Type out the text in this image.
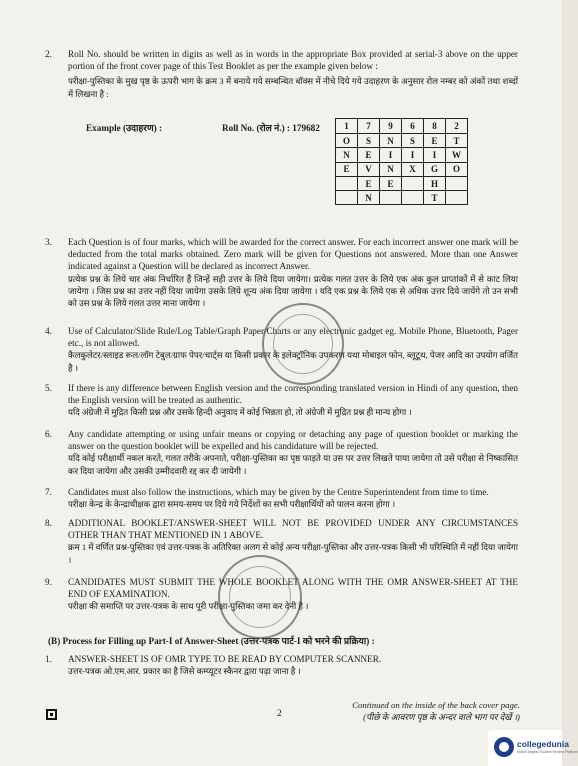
2. Roll No. should be written in digits as well as in words in the appropriate Box provided at serial-3 above on the upper portion of the front cover page of this Test Booklet as per the example given below :
परीक्षा-पुस्तिका के मुख पृष्ठ के ऊपरी भाग के क्रम 3 में बनाये गये सम्बन्धित बॉक्स में नीचे दिये गये उदाहरण के अनुसार रोल नम्बर को अंकों तथा शब्दों में लिखना है :
Example (उदाहरण) :	Roll No. (रोल नं.) : 179682	1	7	9	6	8	2
O	S	N	S	E	T
N	E	I	I	I	W
E	V	N	X	G	O
	E	E		H	
	N			T	
3. Each Question is of four marks, which will be awarded for the correct answer. For each incorrect answer one mark will be deducted from the total marks obtained. Zero mark will be given for Questions not answered. More than one Answer indicated against a Question will be declared as incorrect Answer.
प्रत्येक प्रश्न के लिये चार अंक निर्धारित हैं जिन्हें सही उत्तर के लिये दिया जायेगा। प्रत्येक गलत उत्तर के लिये एक अंक कुल प्राप्तांकों में से काट लिया जायेगा । जिस प्रश्न का उत्तर नहीं दिया जायेगा उसके लिये शून्य अंक दिया जायेगा । यदि एक प्रश्न के लिये एक से अधिक उत्तर दिये जायेंगे तो उन सभी को उस प्रश्न के लिये गलत उत्तर माना जायेगा ।
4. Use of Calculator/Slide Rule/Log Table/Graph Paper/Charts or any electronic gadget eg. Mobile Phone, Bluetooth, Pager etc., is not allowed.
कैलकुलेटर/स्लाइड रूल/लॉग टेबुल/ग्राफ पेपर/चार्ट्स या किसी प्रकार के इलेक्ट्रॉनिक उपकरण यथा मोबाइल फोन, ब्लूटूथ, पेजर आदि का उपयोग वर्जित है ।
5. If there is any difference between English version and the corresponding translated version in Hindi of any question, then the English version will be treated as authentic.
यदि अंग्रेजी में मुद्रित किसी प्रश्न और उसके हिन्दी अनुवाद में कोई भिन्नता हो, तो अंग्रेजी में मुद्रित प्रश्न ही मान्य होगा ।
6. Any candidate attempting or using unfair means or copying or detaching any page of question booklet or marking the answer on the question booklet will be expelled and his candidature will be rejected.
यदि कोई परीक्षार्थी नकल करते, गलत तरीके अपनाते, परीक्षा-पुस्तिका का पृष्ठ फाड़ते या उस पर उत्तर लिखते पाया जायेगा तो उसे परीक्षा से निष्कासित कर दिया जायेगा और उसकी उम्मीदवारी रद्द कर दी जायेगी ।
7. Candidates must also follow the instructions, which may be given by the Centre Superintendent from time to time.
परीक्षा केन्द्र के केन्द्राधीक्षक द्वारा समय-समय पर दिये गये निर्देशों का सभी परीक्षार्थियों को पालन करना होगा ।
8. ADDITIONAL BOOKLET/ANSWER-SHEET WILL NOT BE PROVIDED UNDER ANY CIRCUMSTANCES OTHER THAN THAT MENTIONED IN 1 ABOVE.
क्रम 1 में वर्णित प्रश्न-पुस्तिका एवं उत्तर-पत्रक के अतिरिक्त अलग से कोई अन्य परीक्षा-पुस्तिका और उत्तर-पत्रक किसी भी परिस्थिति में नहीं दिया जायेगा ।
9. CANDIDATES MUST SUBMIT THE WHOLE BOOKLET ALONG WITH THE OMR ANSWER-SHEET AT THE END OF EXAMINATION.
परीक्षा की समाप्ति पर उत्तर-पत्रक के साथ पूरी परीक्षा-पुस्तिका जमा कर देनी है ।
(B) Process for Filling up Part-I of Answer-Sheet (उत्तर-पत्रक पार्ट-I को भरने की प्रक्रिया) :
1. ANSWER-SHEET IS OF OMR TYPE TO BE READ BY COMPUTER SCANNER.
उत्तर-पत्रक ओ.एम.आर. प्रकार का है जिसे कम्प्यूटर स्कैनर द्वारा पढ़ा जाना है ।
Continued on the inside of the back cover page.
(पीछे के आवरण पृष्ठ के अन्दर वाले भाग पर देखें ।)
2
collegedunia
India's largest Student Review Platform
